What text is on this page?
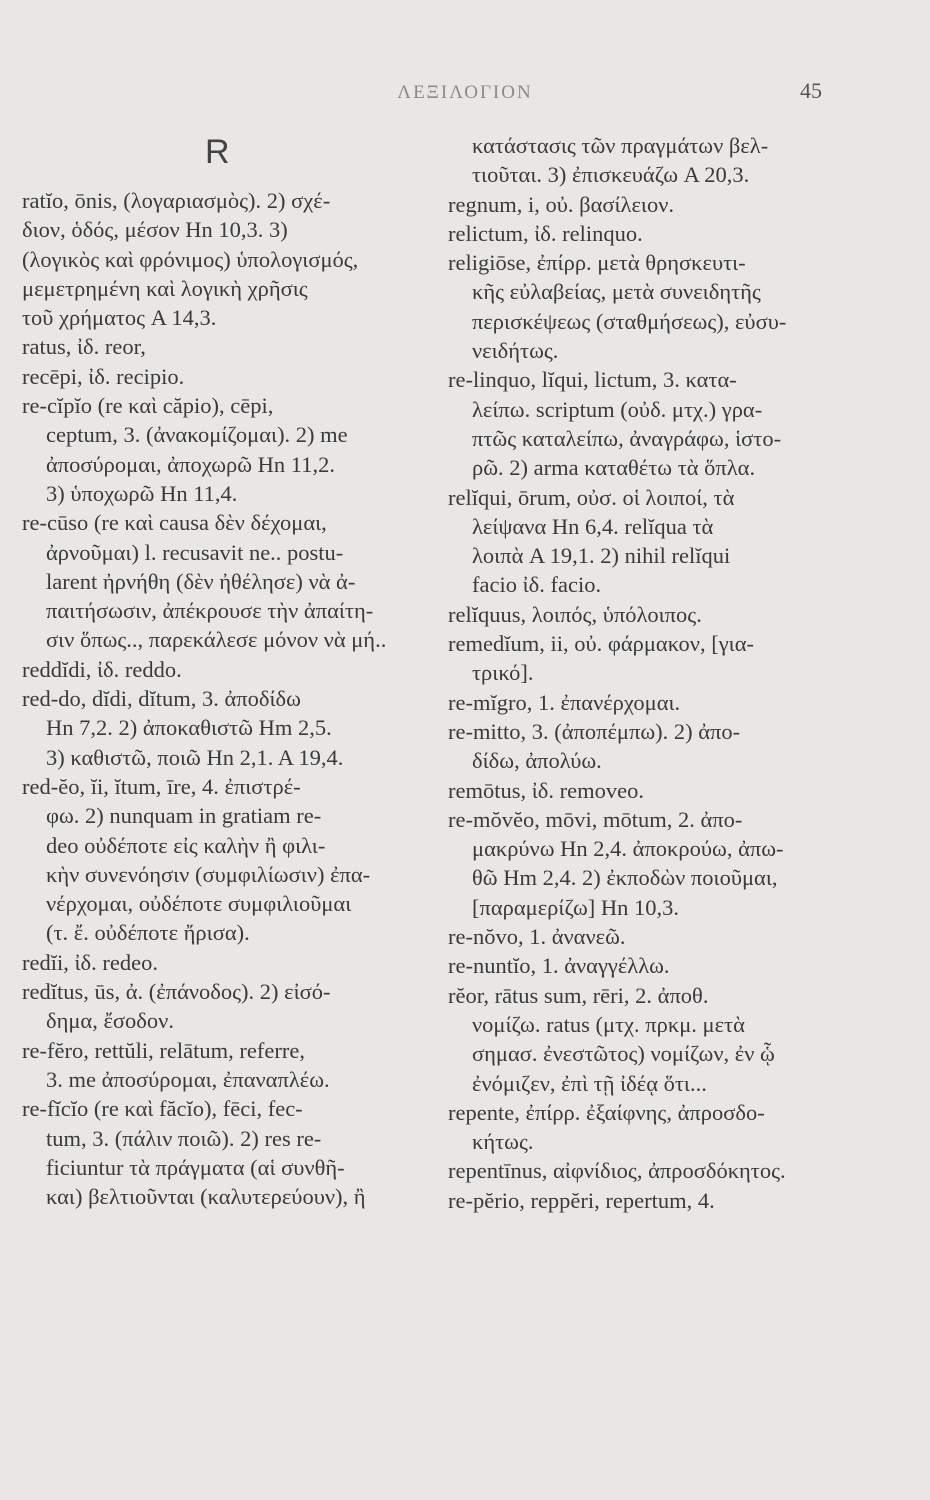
ΛΕΞΙΛΟΓΙΟΝ	45
R
ratĭo, ōnis, (λογαριασμὸς). 2) σχέ-
διον, ὁδός, μέσον Hn 10,3. 3)
(λογικὸς καὶ φρόνιμος) ὑπολογισμός,
μεμετρημένη καὶ λογικὴ χρῆσις
τοῦ χρήματος A 14,3.
ratus, ἰδ. reor,
recēpi, ἰδ. recipio.
re-cĭpĭo (re καὶ căpio), cēpi,
ceptum, 3. (ἀνακομίζομαι). 2) me
ἀποσύρομαι, ἀποχωρῶ Hn 11,2.
3) ὑποχωρῶ Hn 11,4.
re-cūso (re καὶ causa δὲν δέχομαι,
ἀρνοῦμαι) l. recusavit ne.. postu-
larent ἠρνήθη (δὲν ἠθέλησε) νὰ ἀ-
παιτήσωσιν, ἀπέκρουσε τὴν ἀπαίτη-
σιν ὅπως.., παρεκάλεσε μόνον νὰ μή..
reddĭdi, ἰδ. reddo.
red-do, dĭdi, dĭtum, 3. ἀποδίδω
Hn 7,2. 2) ἀποκαθιστῶ Hm 2,5.
3) καθιστῶ, ποιῶ Hn 2,1. A 19,4.
red-ĕo, ĭi, ĭtum, īre, 4. ἐπιστρέ-
φω. 2) nunquam in gratiam re-
deo οὐδέποτε εἰς καλὴν ἢ φιλι-
κὴν συνενόησιν (συμφιλίωσιν) ἐπα-
νέρχομαι, οὐδέποτε συμφιλιοῦμαι
(τ. ἔ. οὐδέποτε ἤρισα).
redĭi, ἰδ. redeo.
redĭtus, ūs, ἀ. (ἐπάνοδος). 2) εἰσό-
δημα, ἔσοδον.
re-fĕro, rettŭli, relātum, referre,
3. me ἀποσύρομαι, ἐπαναπλέω.
re-fĭcĭo (re καὶ făcĭo), fēci, fec-
tum, 3. (πάλιν ποιῶ). 2) res re-
ficiuntur τὰ πράγματα (αἱ συνθῆ-
και) βελτιοῦνται (καλυτερεύουν), ἢ
κατάστασις τῶν πραγμάτων βελ-
τιοῦται. 3) ἐπισκευάζω A 20,3.
regnum, i, οὐ. βασίλειον.
relictum, ἰδ. relinquo.
religiōse, ἐπίρρ. μετὰ θρησκευτι-
κῆς εὐλαβείας, μετὰ συνειδητῆς
περισκέψεως (σταθμήσεως), εὐσυ-
νειδήτως.
re-linquo, lĭqui, lictum, 3. κατα-
λείπω. scriptum (οὐδ. μτχ.) γρα-
πτῶς καταλείπω, ἀναγράφω, ἱστο-
ρῶ. 2) arma καταθέτω τὰ ὅπλα.
relĭqui, ōrum, οὐσ. οἱ λοιποί, τὰ
λείψανα Hn 6,4. relĭqua τὰ
λοιπὰ A 19,1. 2) nihil relĭqui
facio ἰδ. facio.
relĭquus, λοιπός, ὑπόλοιπος.
remedĭum, ii, οὐ. φάρμακον, [για-
τρικό].
re-mĭgro, 1. ἐπανέρχομαι.
re-mitto, 3. (ἀποπέμπω). 2) ἀπο-
δίδω, ἀπολύω.
remōtus, ἰδ. removeo.
re-mŏvĕo, mōvi, mōtum, 2. ἀπο-
μακρύνω Hn 2,4. ἀποκρούω, ἀπω-
θῶ Hm 2,4. 2) ἐκποδὼν ποιοῦμαι,
[παραμερίζω] Hn 10,3.
re-nŏvo, 1. ἀνανεῶ.
re-nuntĭo, 1. ἀναγγέλλω.
rĕor, rātus sum, rēri, 2. ἀποθ.
νομίζω. ratus (μτχ. πρκμ. μετὰ
σημασ. ἐνεστῶτος) νομίζων, ἐν ᾧ
ἐνόμιζεν, ἐπὶ τῇ ἰδέᾳ ὅτι...
repente, ἐπίρρ. ἐξαίφνης, ἀπροσδο-
κήτως.
repentīnus, αἰφνίδιος, ἀπροσδόκητος.
re-pĕrio, reppĕri, repertum, 4.
